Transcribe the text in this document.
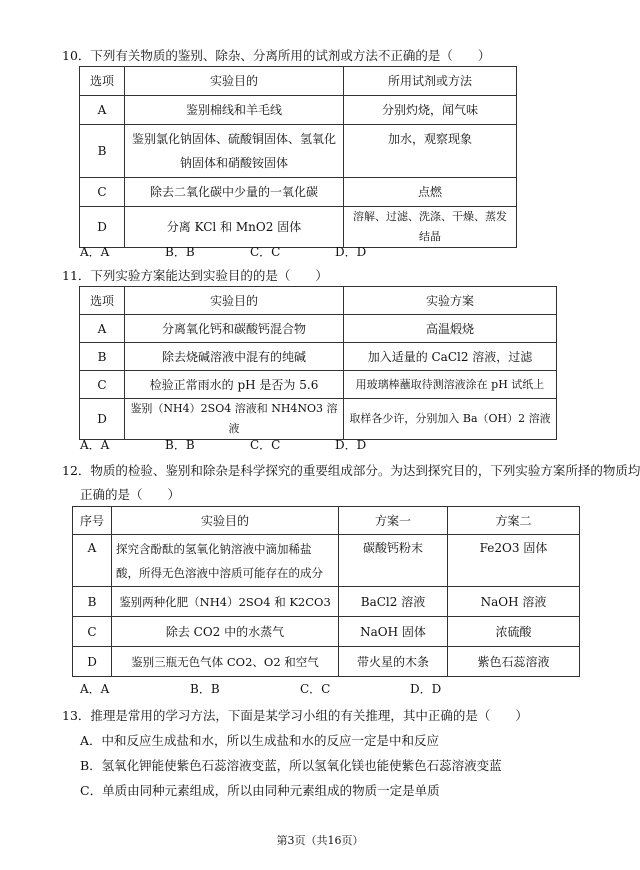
10．下列有关物质的鉴别、除杂、分离所用的试剂或方法不正确的是（　　）
选项	实验目的	所用试剂或方法
A	鉴别棉线和羊毛线	分别灼烧，闻气味
B	鉴别氯化钠固体、硫酸铜固体、氢氧化钠固体和硝酸铵固体	加水，观察现象
C	除去二氧化碳中少量的一氧化碳	点燃
D	分离 KCl 和 MnO2 固体	溶解、过滤、洗涤、干燥、蒸发结晶
A．A	B．B	C．C	D．D
11．下列实验方案能达到实验目的的是（　　）
选项	实验目的	实验方案
A	分离氧化钙和碳酸钙混合物	高温煅烧
B	除去烧碱溶液中混有的纯碱	加入适量的 CaCl2 溶液，过滤
C	检验正常雨水的 pH 是否为 5.6	用玻璃棒蘸取待测溶液涂在 pH 试纸上
D	鉴别（NH4）2SO4 溶液和 NH4NO3 溶液	取样各少许，分别加入 Ba（OH）2 溶液
A．A	B．B	C．C	D．D
12．物质的检验、鉴别和除杂是科学探究的重要组成部分。为达到探究目的，下列实验方案所择的物质均
正确的是（　　）
序号	实验目的	方案一	方案二
A	探究含酚酞的氢氧化钠溶液中滴加稀盐酸，所得无色溶液中溶质可能存在的成分	碳酸钙粉末	Fe2O3 固体
B	鉴别两种化肥（NH4）2SO4 和 K2CO3	BaCl2 溶液	NaOH 溶液
C	除去 CO2 中的水蒸气	NaOH 固体	浓硫酸
D	鉴别三瓶无色气体 CO2、O2 和空气	带火星的木条	紫色石蕊溶液
A．A	B．B	C．C	D．D
13．推理是常用的学习方法，下面是某学习小组的有关推理，其中正确的是（　　）
A．中和反应生成盐和水，所以生成盐和水的反应一定是中和反应
B．氢氧化钾能使紫色石蕊溶液变蓝，所以氢氧化镁也能使紫色石蕊溶液变蓝
C．单质由同种元素组成，所以由同种元素组成的物质一定是单质
第3页（共16页）
